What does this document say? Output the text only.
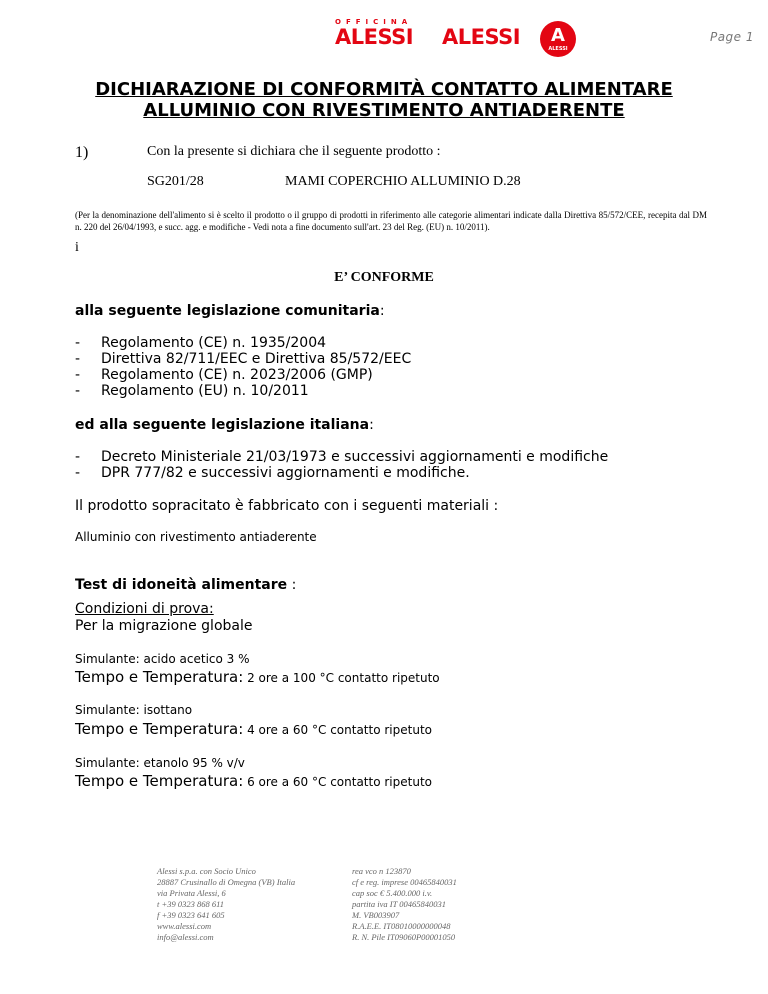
Page 1
OFFICINA
ALESSI ALESSI	A
ALESSI
DICHIARAZIONE DI CONFORMITÀ CONTATTO ALIMENTARE
ALLUMINIO CON RIVESTIMENTO ANTIADERENTE
1)	Con la presente si dichiara che il seguente prodotto :
SG201/28	MAMI COPERCHIO ALLUMINIO D.28
(Per la denominazione dell'alimento si è scelto il prodotto o il gruppo di prodotti in riferimento alle categorie alimentari indicate dalla Direttiva 85/572/CEE, recepita dal DM n. 220 del 26/04/1993, e succ. agg. e modifiche - Vedi nota a fine documento sull'art. 23 del Reg. (EU) n. 10/2011).
i
E’ CONFORME
alla seguente legislazione comunitaria:
-	Regolamento (CE) n. 1935/2004
-	Direttiva 82/711/EEC e Direttiva 85/572/EEC
-	Regolamento (CE) n. 2023/2006 (GMP)
-	Regolamento (EU) n. 10/2011
ed alla seguente legislazione italiana:
-	Decreto Ministeriale 21/03/1973 e successivi aggiornamenti e modifiche
-	DPR 777/82 e successivi aggiornamenti e modifiche.
Il prodotto sopracitato è fabbricato con i seguenti materiali :
Alluminio con rivestimento antiaderente
Test di idoneità alimentare :
Condizioni di prova:
Per la migrazione globale
Simulante: acido acetico 3 %
Tempo e Temperatura: 2 ore a 100 °C contatto ripetuto
Simulante: isottano
Tempo e Temperatura: 4 ore a 60 °C contatto ripetuto
Simulante: etanolo 95 % v/v
Tempo e Temperatura: 6 ore a 60 °C contatto ripetuto
Alessi s.p.a. con Socio Unico
28887 Crusinallo di Omegna (VB) Italia
via Privata Alessi, 6
t +39 0323 868 611
f +39 0323 641 605
www.alessi.com
info@alessi.com
rea vco n 123870
cf e reg. imprese 00465840031
cap soc € 5.400.000 i.v.
partita iva IT 00465840031
M. VB003907
R.A.E.E. IT08010000000048
R. N. Pile IT09060P00001050
